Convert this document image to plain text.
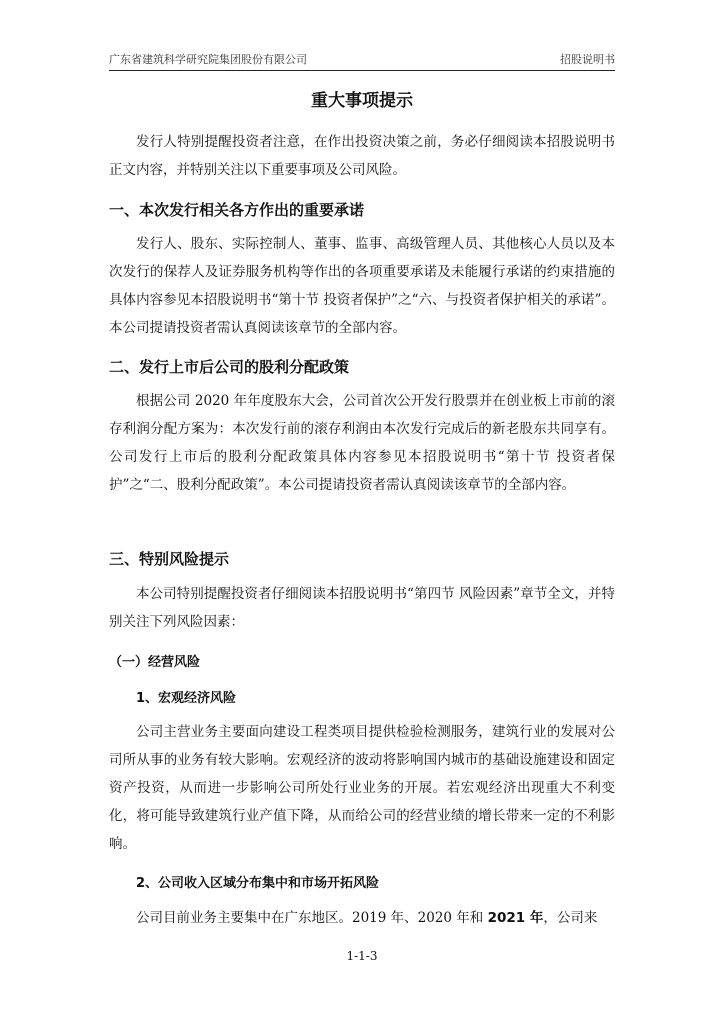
广东省建筑科学研究院集团股份有限公司	招股说明书
重大事项提示

发行人特别提醒投资者注意，在作出投资决策之前，务必仔细阅读本招股说明书正文内容，并特别关注以下重要事项及公司风险。

一、本次发行相关各方作出的重要承诺

发行人、股东、实际控制人、董事、监事、高级管理人员、其他核心人员以及本次发行的保荐人及证券服务机构等作出的各项重要承诺及未能履行承诺的约束措施的具体内容参见本招股说明书“第十节 投资者保护”之“六、与投资者保护相关的承诺”。本公司提请投资者需认真阅读该章节的全部内容。

二、发行上市后公司的股利分配政策

根据公司 2020 年年度股东大会，公司首次公开发行股票并在创业板上市前的滚存利润分配方案为：本次发行前的滚存利润由本次发行完成后的新老股东共同享有。公司发行上市后的股利分配政策具体内容参见本招股说明书“第十节 投资者保护”之“二、股利分配政策”。本公司提请投资者需认真阅读该章节的全部内容。

三、特别风险提示

本公司特别提醒投资者仔细阅读本招股说明书“第四节 风险因素”章节全文，并特别关注下列风险因素：

（一）经营风险
1、宏观经济风险

公司主营业务主要面向建设工程类项目提供检验检测服务，建筑行业的发展对公司所从事的业务有较大影响。宏观经济的波动将影响国内城市的基础设施建设和固定资产投资，从而进一步影响公司所处行业业务的开展。若宏观经济出现重大不利变化，将可能导致建筑行业产值下降，从而给公司的经营业绩的增长带来一定的不利影响。

2、公司收入区域分布集中和市场开拓风险

公司目前业务主要集中在广东地区。2019 年、2020 年和 2021 年，公司来

1-1-3
